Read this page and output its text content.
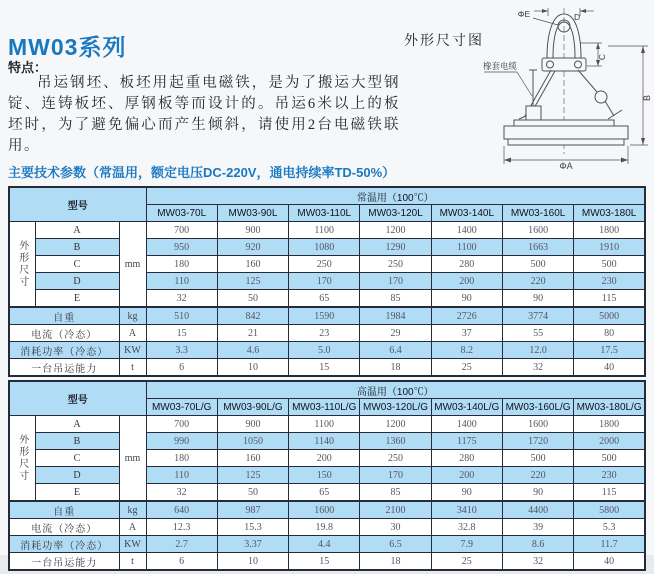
MW03系列
特点：

吊运钢坯、板坯用起重电磁铁，是为了搬运大型钢锭、连铸板坯、厚钢板等而设计的。吊运6米以上的板坯时，为了避免偏心而产生倾斜，请使用2台电磁铁联用。

外形尺寸图
橡套电缆
ΦE	D
C
B
ΦA
主要技术参数（常温用，额定电压DC-220V，通电持续率TD-50%）
型号			常温用（100℃）						
			MW03-70L	MW03-90L	MW03-110L	MW03-120L	MW03-140L	MW03-160L	MW03-180L
外形尺寸	A	mm	700	900	1100	1200	1400	1600	1800
	B		950	920	1080	1290	1100	1663	1910
	C		180	160	250	250	280	500	500
	D		110	125	170	170	200	220	230
	E		32	50	65	85	90	90	115
自重		kg	510	842	1590	1984	2726	3774	5000
电流（冷态）		A	15	21	23	29	37	55	80
消耗功率（冷态）		KW	3.3	4.6	5.0	6.4	8.2	12.0	17.5
一台吊运能力		t	6	10	15	18	25	32	40
型号			高温用（100℃）						
			MW03-70L/G	MW03-90L/G	MW03-110L/G	MW03-120L/G	MW03-140L/G	MW03-160L/G	MW03-180L/G
外形尺寸	A	mm	700	900	1100	1200	1400	1600	1800
	B		990	1050	1140	1360	1175	1720	2000
	C		180	160	200	250	280	500	500
	D		110	125	150	170	200	220	230
	E		32	50	65	85	90	90	115
自重		kg	640	987	1600	2100	3410	4400	5800
电流（冷态）		A	12.3	15.3	19.8	30	32.8	39	5.3
消耗功率（冷态）		KW	2.7	3.37	4.4	6.5	7.9	8.6	11.7
一台吊运能力		t	6	10	15	18	25	32	40
